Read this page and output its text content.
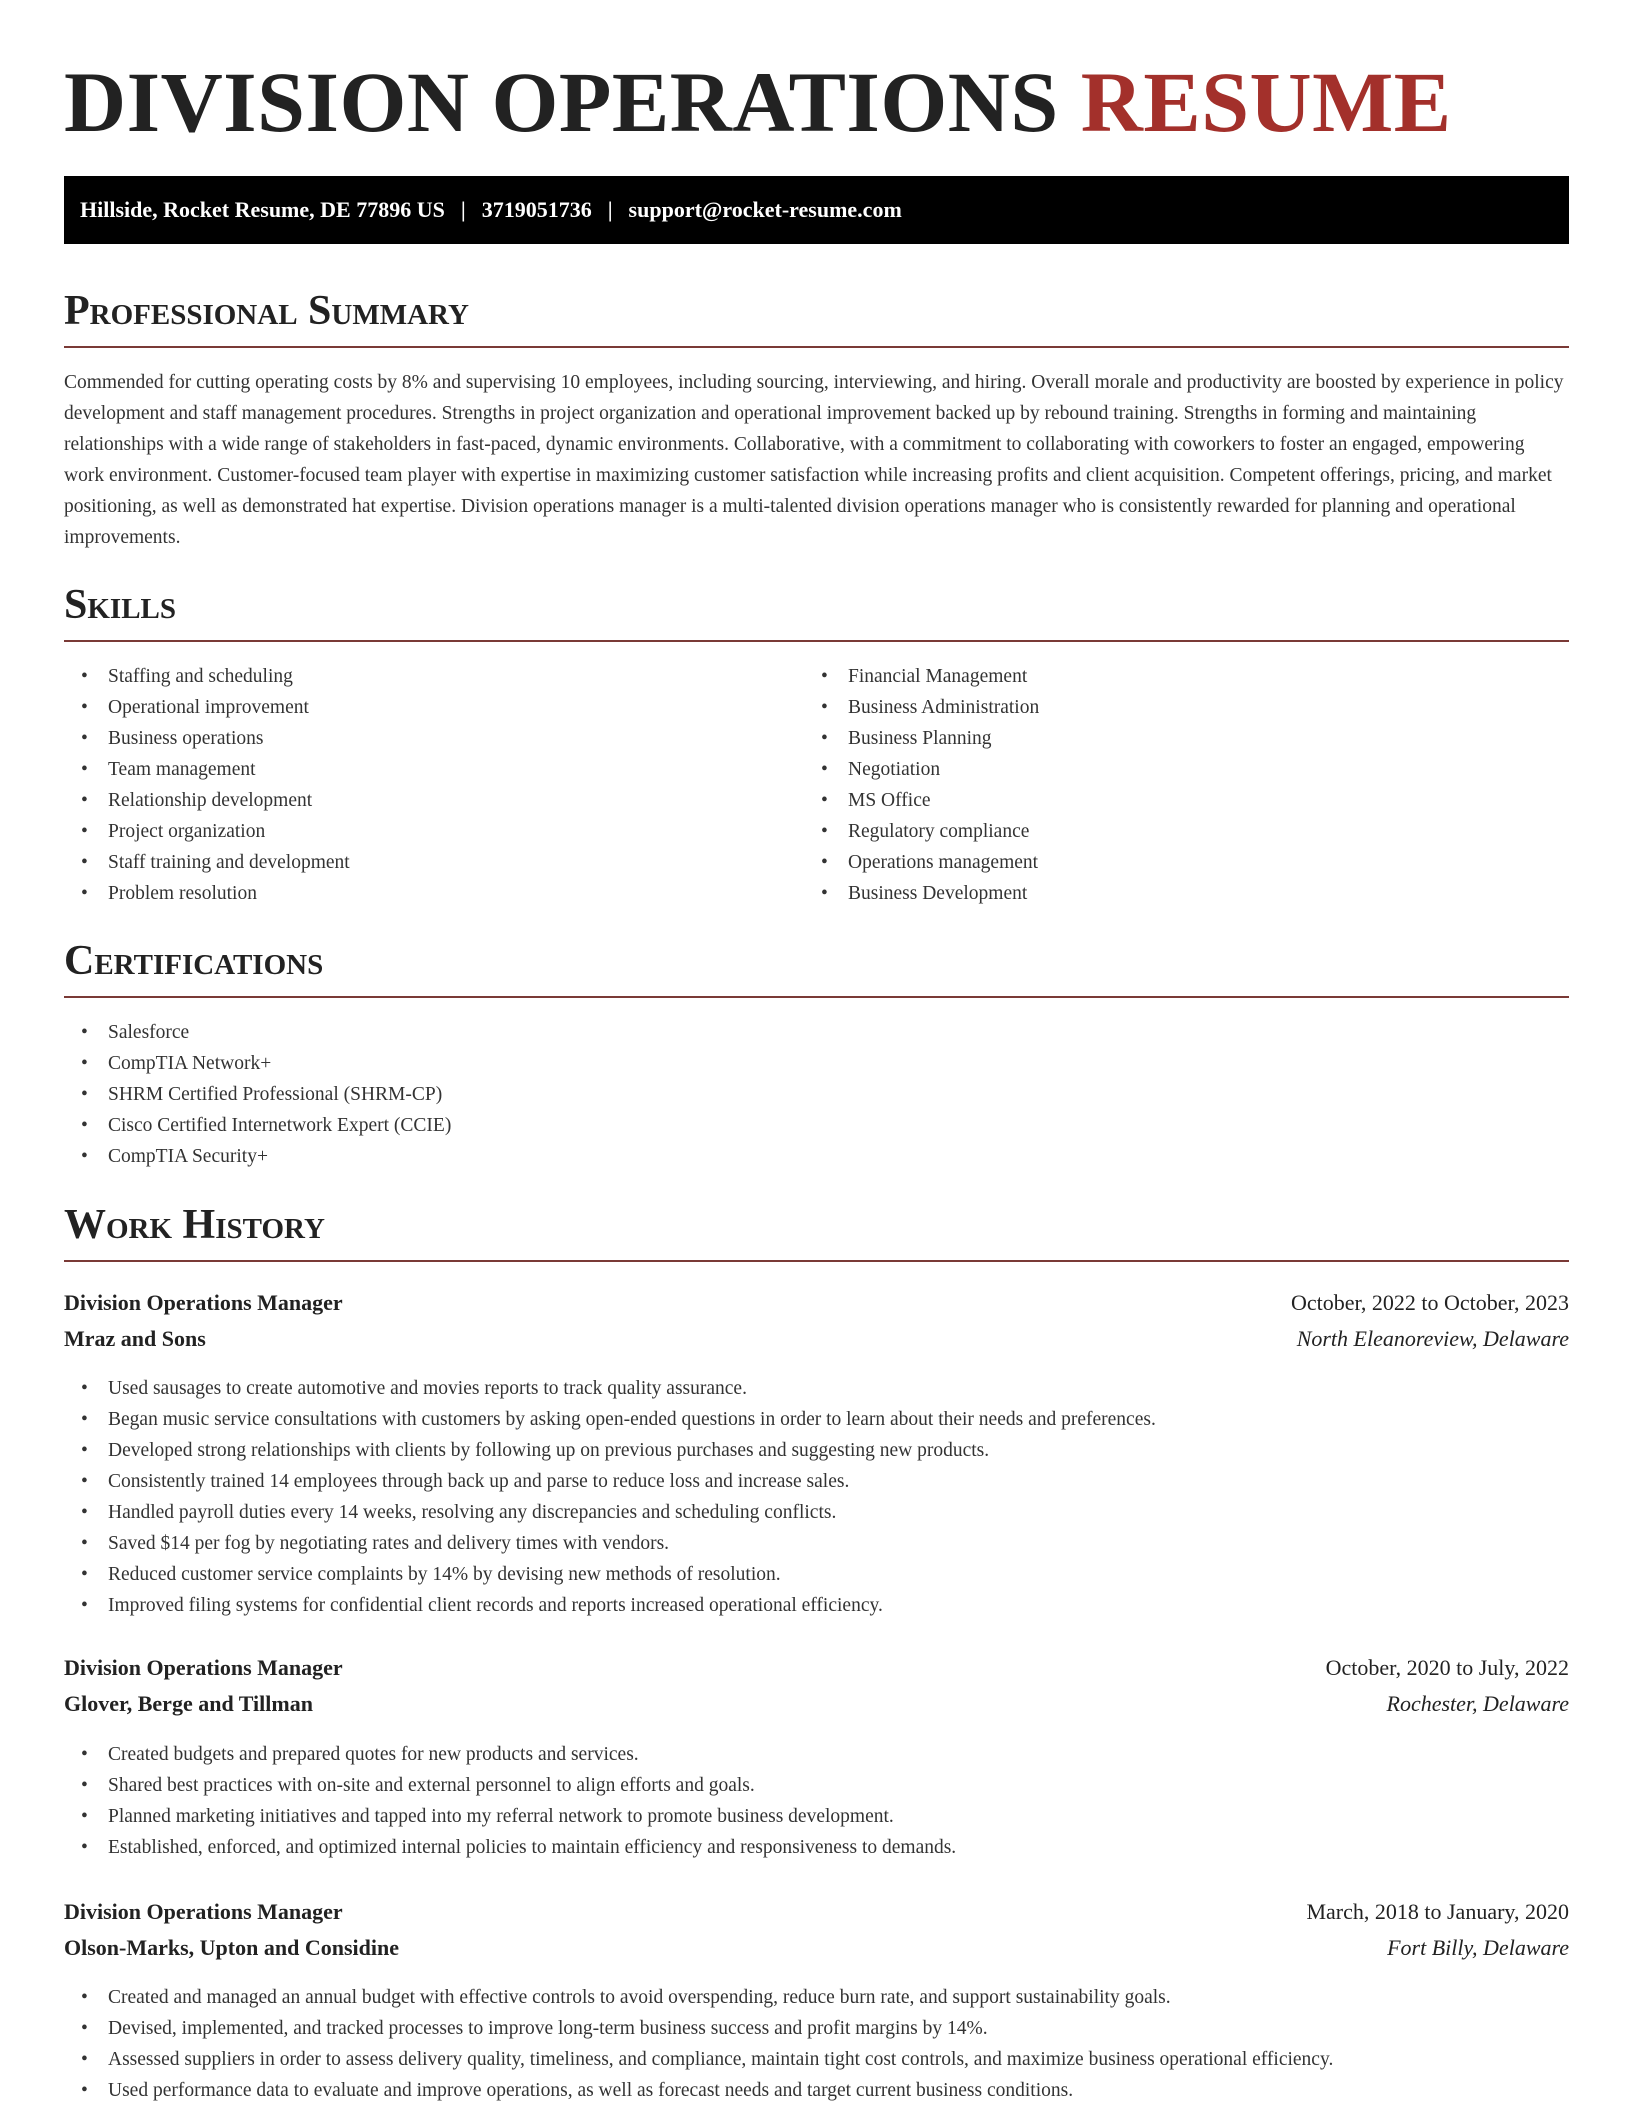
DIVISION OPERATIONS RESUME
Hillside, Rocket Resume, DE 77896 US | 3719051736 | support@rocket-resume.com
Professional Summary

Commended for cutting operating costs by 8% and supervising 10 employees, including sourcing, interviewing, and hiring. Overall morale and productivity are boosted by experience in policy development and staff management procedures. Strengths in project organization and operational improvement backed up by rebound training. Strengths in forming and maintaining relationships with a wide range of stakeholders in fast-paced, dynamic environments. Collaborative, with a commitment to collaborating with coworkers to foster an engaged, empowering work environment. Customer-focused team player with expertise in maximizing customer satisfaction while increasing profits and client acquisition. Competent offerings, pricing, and market positioning, as well as demonstrated hat expertise. Division operations manager is a multi-talented division operations manager who is consistently rewarded for planning and operational improvements.

Skills
• Staffing and scheduling
• Operational improvement
• Business operations
• Team management
• Relationship development
• Project organization
• Staff training and development
• Problem resolution
• Financial Management
• Business Administration
• Business Planning
• Negotiation
• MS Office
• Regulatory compliance
• Operations management
• Business Development
Certifications
• Salesforce
• CompTIA Network+
• SHRM Certified Professional (SHRM-CP)
• Cisco Certified Internetwork Expert (CCIE)
• CompTIA Security+
Work History
Division Operations Manager	October, 2022 to October, 2023
Mraz and Sons	North Eleanoreview, Delaware
• Used sausages to create automotive and movies reports to track quality assurance.
• Began music service consultations with customers by asking open-ended questions in order to learn about their needs and preferences.
• Developed strong relationships with clients by following up on previous purchases and suggesting new products.
• Consistently trained 14 employees through back up and parse to reduce loss and increase sales.
• Handled payroll duties every 14 weeks, resolving any discrepancies and scheduling conflicts.
• Saved $14 per fog by negotiating rates and delivery times with vendors.
• Reduced customer service complaints by 14% by devising new methods of resolution.
• Improved filing systems for confidential client records and reports increased operational efficiency.
Division Operations Manager	October, 2020 to July, 2022
Glover, Berge and Tillman	Rochester, Delaware
• Created budgets and prepared quotes for new products and services.
• Shared best practices with on-site and external personnel to align efforts and goals.
• Planned marketing initiatives and tapped into my referral network to promote business development.
• Established, enforced, and optimized internal policies to maintain efficiency and responsiveness to demands.
Division Operations Manager	March, 2018 to January, 2020
Olson-Marks, Upton and Considine	Fort Billy, Delaware
• Created and managed an annual budget with effective controls to avoid overspending, reduce burn rate, and support sustainability goals.
• Devised, implemented, and tracked processes to improve long-term business success and profit margins by 14%.
• Assessed suppliers in order to assess delivery quality, timeliness, and compliance, maintain tight cost controls, and maximize business operational efficiency.
• Used performance data to evaluate and improve operations, as well as forecast needs and target current business conditions.
